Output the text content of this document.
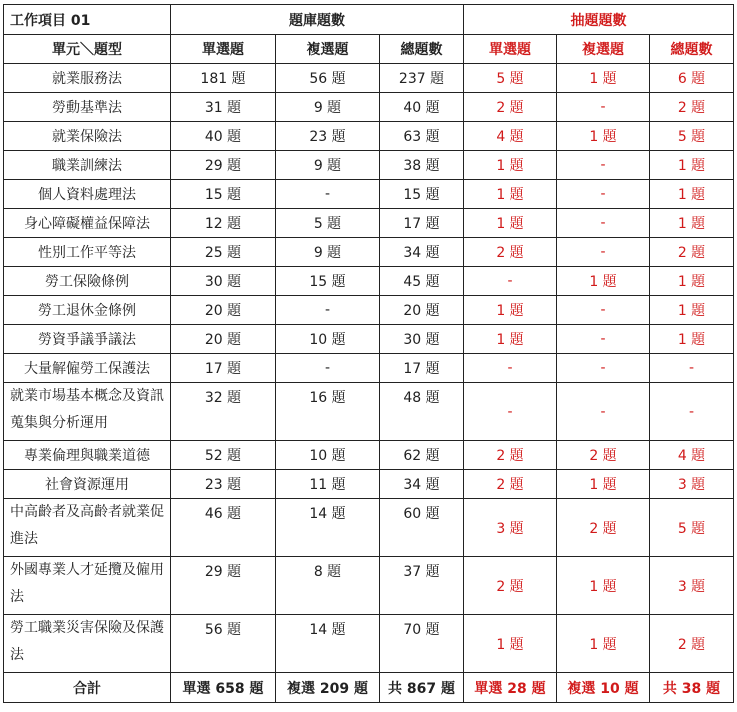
工作項目 01	題庫題數			抽題題數		
單元＼題型	單選題	複選題	總題數	單選題	複選題	總題數
就業服務法	181 題	56 題	237 題	5 題	1 題	6 題
勞動基準法	31 題	9 題	40 題	2 題	-	2 題
就業保險法	40 題	23 題	63 題	4 題	1 題	5 題
職業訓練法	29 題	9 題	38 題	1 題	-	1 題
個人資料處理法	15 題	-	15 題	1 題	-	1 題
身心障礙權益保障法	12 題	5 題	17 題	1 題	-	1 題
性別工作平等法	25 題	9 題	34 題	2 題	-	2 題
勞工保險條例	30 題	15 題	45 題	-	1 題	1 題
勞工退休金條例	20 題	-	20 題	1 題	-	1 題
勞資爭議爭議法	20 題	10 題	30 題	1 題	-	1 題
大量解僱勞工保護法	17 題	-	17 題	-	-	-
就業市場基本概念及資訊蒐集與分析運用	32 題	16 題	48 題	-	-	-
專業倫理與職業道德	52 題	10 題	62 題	2 題	2 題	4 題
社會資源運用	23 題	11 題	34 題	2 題	1 題	3 題
中高齡者及高齡者就業促進法	46 題	14 題	60 題	3 題	2 題	5 題
外國專業人才延攬及僱用法	29 題	8 題	37 題	2 題	1 題	3 題
勞工職業災害保險及保護法	56 題	14 題	70 題	1 題	1 題	2 題
合計	單選 658 題	複選 209 題	共 867 題	單選 28 題	複選 10 題	共 38 題
